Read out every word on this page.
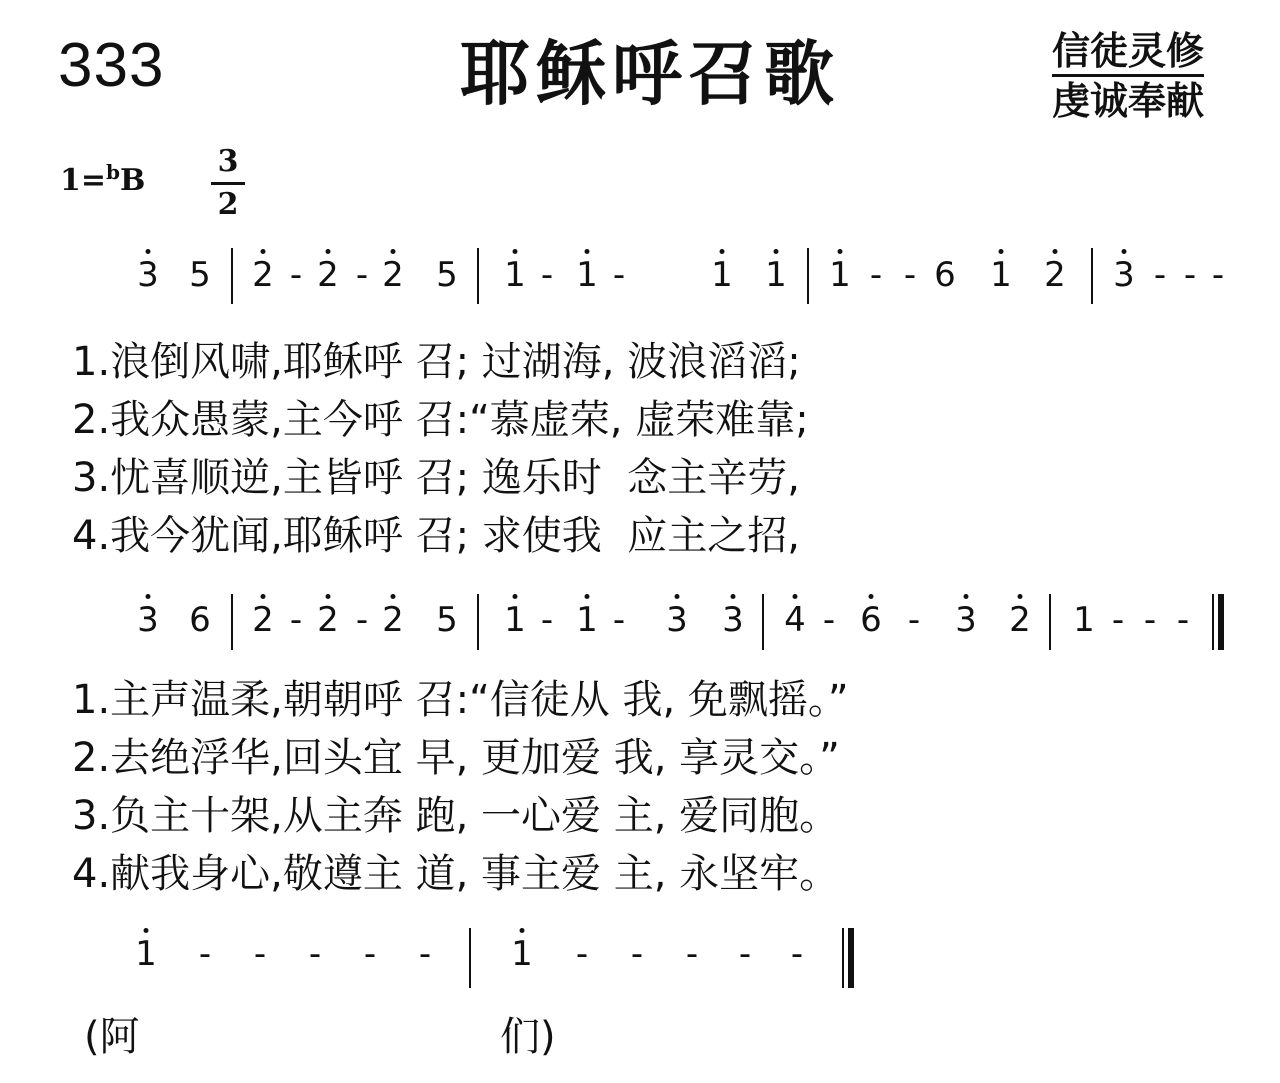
333	耶稣呼召歌	信徒灵修
虔诚奉献
1=$^b$B
3
2
3 5 2 - 2 - 2 5 1 - 1 -	1 1 1 - - 6 1 2 3 - - -
1.浪倒风啸,耶稣呼 召; 过湖海, 波浪滔滔;
2.我众愚蒙,主今呼 召:“慕虚荣, 虚荣难靠;
3.忧喜顺逆,主皆呼 召; 逸乐时  念主辛劳,
4.我今犹闻,耶稣呼 召; 求使我  应主之招,
3 6 2 - 2 - 2 5 1 - 1 - 3 3 4 - 6 - 3 2 1 - - -
1.主声温柔,朝朝呼 召:“信徒从 我, 免飘摇。”
2.去绝浮华,回头宜 早, 更加爱 我, 享灵交。”
3.负主十架,从主奔 跑, 一心爱 主, 爱同胞。
4.献我身心,敬遵主 道, 事主爱 主, 永坚牢。
1 - - - - - 1 - - - - -
(阿	们)
